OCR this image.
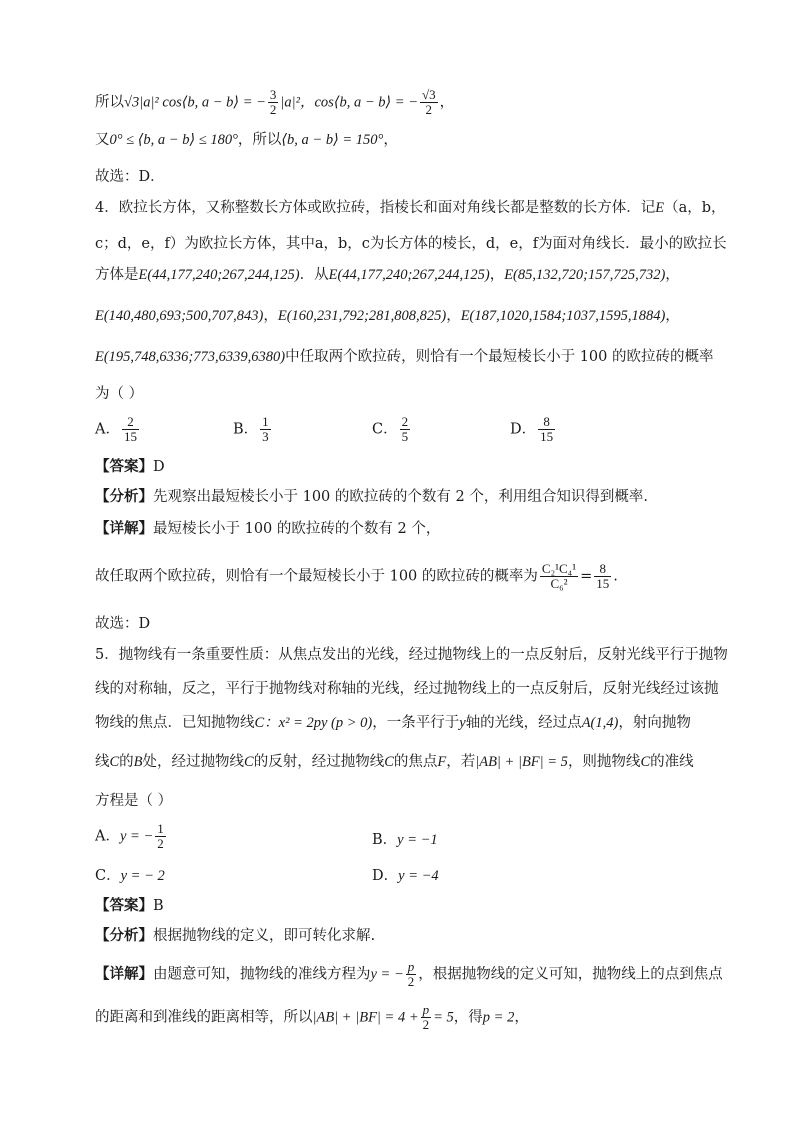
所以√3|a|² cos⟨b, a − b⟩ = − $\frac{3}{2} |a|^2$，cos⟨b, a − b⟩ = − $\frac{√3}{2}$ ，
又0° ≤ ⟨b, a − b⟩ ≤ 180°，所以⟨b, a − b⟩ = 150°，
故选：D．
4．欧拉长方体，又称整数长方体或欧拉砖，指棱长和面对角线长都是整数的长方体．记E（a，b，
c；d，e，f）为欧拉长方体，其中a，b，c为长方体的棱长，d，e，f为面对角线长．最小的欧拉长
方体是E(44,177,240;267,244,125)．从E(44,177,240;267,244,125)，E(85,132,720;157,725,732)，
E(140,480,693;500,707,843)，E(160,231,792;281,808,825)，E(187,1020,1584;1037,1595,1884)，
E(195,748,6336;773,6339,6380)中任取两个欧拉砖，则恰有一个最短棱长小于 100 的欧拉砖的概率
为（ ）
A． $\frac{2}{15}$	B． $\frac{1}{3}$	C． $\frac{2}{5}$	D． $\frac{8}{15}$
【答案】D
【分析】先观察出最短棱长小于 100 的欧拉砖的个数有 2 个，利用组合知识得到概率.
【详解】最短棱长小于 100 的欧拉砖的个数有 2 个，
故任取两个欧拉砖，则恰有一个最短棱长小于 100 的欧拉砖的概率为 $\frac{\text{C₂¹C₄¹}}{\text{C₆²}} = \frac{8}{15}$ .
故选：D
5．抛物线有一条重要性质：从焦点发出的光线，经过抛物线上的一点反射后，反射光线平行于抛物
线的对称轴，反之，平行于抛物线对称轴的光线，经过抛物线上的一点反射后，反射光线经过该抛
物线的焦点．已知抛物线C：x² = 2py (p > 0)，一条平行于y轴的光线，经过点A(1,4)，射向抛物
线C的B处，经过抛物线C的反射，经过抛物线C的焦点F，若|AB| + |BF| = 5，则抛物线C的准线
方程是（ ）
A．y = − $\frac{1}{2}$	B．y = −1
C．y = − 2	D．y = −4
【答案】B
【分析】根据抛物线的定义，即可转化求解.
【详解】由题意可知，抛物线的准线方程为y = − $\frac{p}{2}$ ，根据抛物线的定义可知，抛物线上的点到焦点
的距离和到准线的距离相等，所以$|AB| + |BF| = 4 + \frac{p}{2} = 5$，得p = 2，
